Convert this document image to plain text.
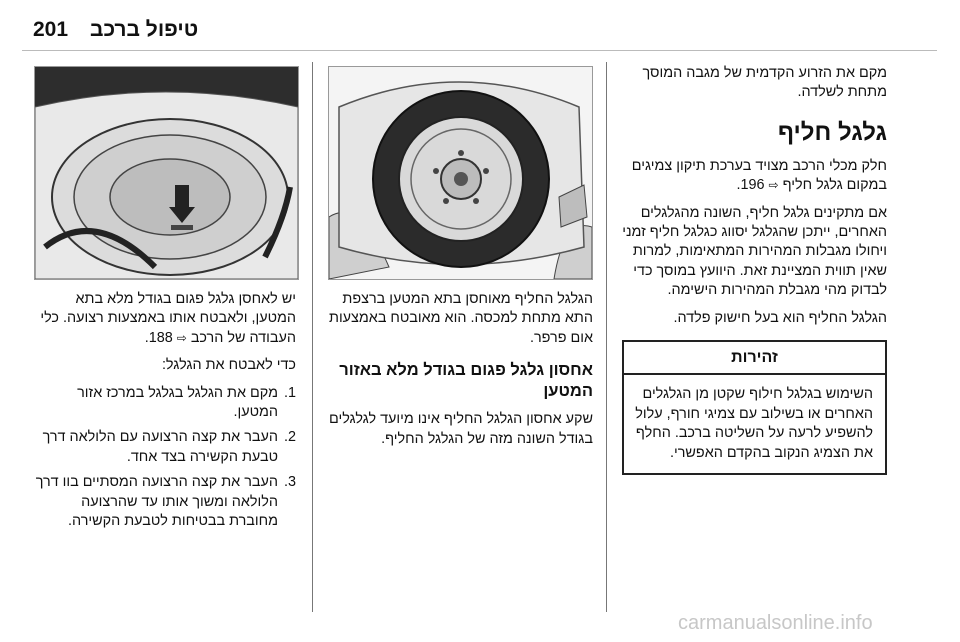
201 טיפול ברכב

מקם את הזרוע הקדמית של מגבה המוסך מתחת לשלדה.

גלגל חליף

חלק מכלי הרכב מצויד בערכת תיקון צמיגים במקום גלגל חליף ⇨ 196.

אם מתקינים גלגל חליף, השונה מהגלגלים האחרים, ייתכן שהגלגל יסווג כגלגל חליף זמני ויחולו מגבלות המהירות המתאימות, למרות שאין תווית המציינת זאת. היוועץ במוסך כדי לבדוק מהי מגבלת המהירות הישימה.

הגלגל החליף הוא בעל חישוק פלדה.

זהירות
השימוש בגלגל חילוף שקטן מן הגלגלים האחרים או בשילוב עם צמיגי חורף, עלול להשפיע לרעה על השליטה ברכב. החלף את הצמיג הנקוב בהקדם האפשרי.

הגלגל החליף מאוחסן בתא המטען ברצפת התא מתחת למכסה. הוא מאובטח באמצעות אום פרפר.

אחסון גלגל פגום בגודל מלא באזור המטען

שקע אחסון הגלגל החליף אינו מיועד לגלגלים בגודל השונה מזה של הגלגל החליף.

יש לאחסן גלגל פגום בגודל מלא בתא המטען, ולאבטח אותו באמצעות רצועה. כלי העבודה של הרכב ⇨ 188.

כדי לאבטח את הגלגל:

1.
מקם את הגלגל בגלגל במרכז אזור המטען.
2.
העבר את קצה הרצועה עם הלולאה דרך טבעת הקשירה בצד אחד.
3.
העבר את קצה הרצועה המסתיים בוו דרך הלולאה ומשוך אותו עד שהרצועה מחוברת בבטיחות לטבעת הקשירה.
carmanualsonline.info
